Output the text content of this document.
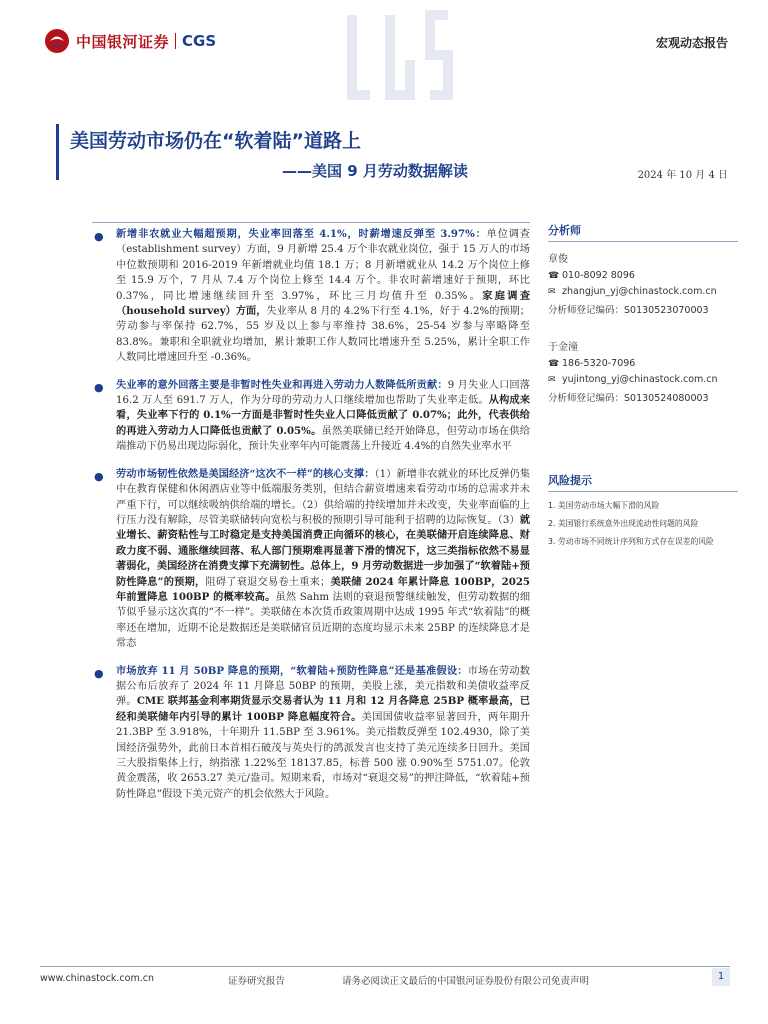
中国银河证券 CGS	宏观动态报告
美国劳动市场仍在“软着陆”道路上
——美国 9 月劳动数据解读	2024 年 10 月 4 日
● 新增非农就业大幅超预期，失业率回落至 4.1%，时薪增速反弹至 3.97%：单位调查（establishment survey）方面，9 月新增 25.4 万个非农就业岗位，强于 15 万人的市场中位数预期和 2016-2019 年新增就业均值 18.1 万；8 月新增就业从 14.2 万个岗位上修至 15.9 万个，7 月从 7.4 万个岗位上修至 14.4 万个。非农时薪增速好于预期，环比 0.37%，同比增速继续回升至 3.97%，环比三月均值升至 0.35%。家庭调查（household survey）方面，失业率从 8 月的 4.2%下行至 4.1%，好于 4.2%的预期；劳动参与率保持 62.7%，55 岁及以上参与率维持 38.6%，25-54 岁参与率略降至 83.8%。兼职和全职就业均增加，累计兼职工作人数同比增速升至 5.25%，累计全职工作人数同比增速回升至 -0.36%。

● 失业率的意外回落主要是非暂时性失业和再进入劳动力人数降低所贡献：9 月失业人口回落 16.2 万人至 691.7 万人，作为分母的劳动力人口继续增加也帮助了失业率走低。从构成来看，失业率下行的 0.1%一方面是非暂时性失业人口降低贡献了 0.07%；此外，代表供给的再进入劳动力人口降低也贡献了 0.05%。虽然美联储已经开始降息，但劳动市场在供给端推动下仍易出现边际弱化，预计失业率年内可能震荡上升接近 4.4%的自然失业率水平

● 劳动市场韧性依然是美国经济“这次不一样”的核心支撑：（1）新增非农就业的环比反弹仍集中在教育保健和休闲酒店业等中低端服务类别，但结合薪资增速来看劳动市场的总需求并未严重下行，可以继续吸纳供给端的增长。（2）供给端的持续增加并未改变，失业率面临的上行压力没有解除，尽管美联储转向宽松与积极的预期引导可能利于招聘的边际恢复。（3）就业增长、薪资粘性与工时稳定是支持美国消费正向循环的核心，在美联储开启连续降息、财政力度不弱、通胀继续回落、私人部门预期难再显著下滑的情况下，这三类指标依然不易显著弱化，美国经济在消费支撑下充满韧性。总体上，9 月劳动数据进一步加强了“软着陆+预防性降息”的预期，阻碍了衰退交易卷土重来；美联储 2024 年累计降息 100BP，2025 年前置降息 100BP 的概率较高。虽然 Sahm 法则的衰退预警继续触发，但劳动数据的细节似乎显示这次真的“不一样”。美联储在本次货币政策周期中达成 1995 年式“软着陆”的概率还在增加，近期不论是数据还是美联储官员近期的态度均显示未来 25BP 的连续降息才是常态

● 市场放弃 11 月 50BP 降息的预期，“软着陆+预防性降息”还是基准假设：市场在劳动数据公布后放弃了 2024 年 11 月降息 50BP 的预期，美股上涨，美元指数和美债收益率反弹。CME 联邦基金利率期货显示交易者认为 11 月和 12 月各降息 25BP 概率最高，已经和美联储年内引导的累计 100BP 降息幅度符合。美国国债收益率显著回升，两年期升 21.3BP 至 3.918%，十年期升 11.5BP 至 3.961%。美元指数反弹至 102.4930，除了美国经济强势外，此前日本首相石破茂与英央行的鸽派发言也支持了美元连续多日回升。美国三大股指集体上行，纳指涨 1.22%至 18137.85，标普 500 涨 0.90%至 5751.07。伦敦黄金震荡，收 2653.27 美元/盎司。短期来看，市场对“衰退交易”的押注降低，“软着陆+预防性降息”假设下美元资产的机会依然大于风险。

分析师
章俊
☎ 010-8092 8096
✉ zhangjun_yj@chinastock.com.cn
分析师登记编码：S0130523070003
于金潼
☎ 186-5320-7096
✉ yujintong_yj@chinastock.com.cn
分析师登记编码：S0130524080003
风险提示
1. 美国劳动市场大幅下滑的风险
2. 美国银行系统意外出现流动性问题的风险
3. 劳动市场不同统计序列和方式存在误差的风险
www.chinastock.com.cn	证券研究报告	请务必阅读正文最后的中国银河证券股份有限公司免责声明	1
